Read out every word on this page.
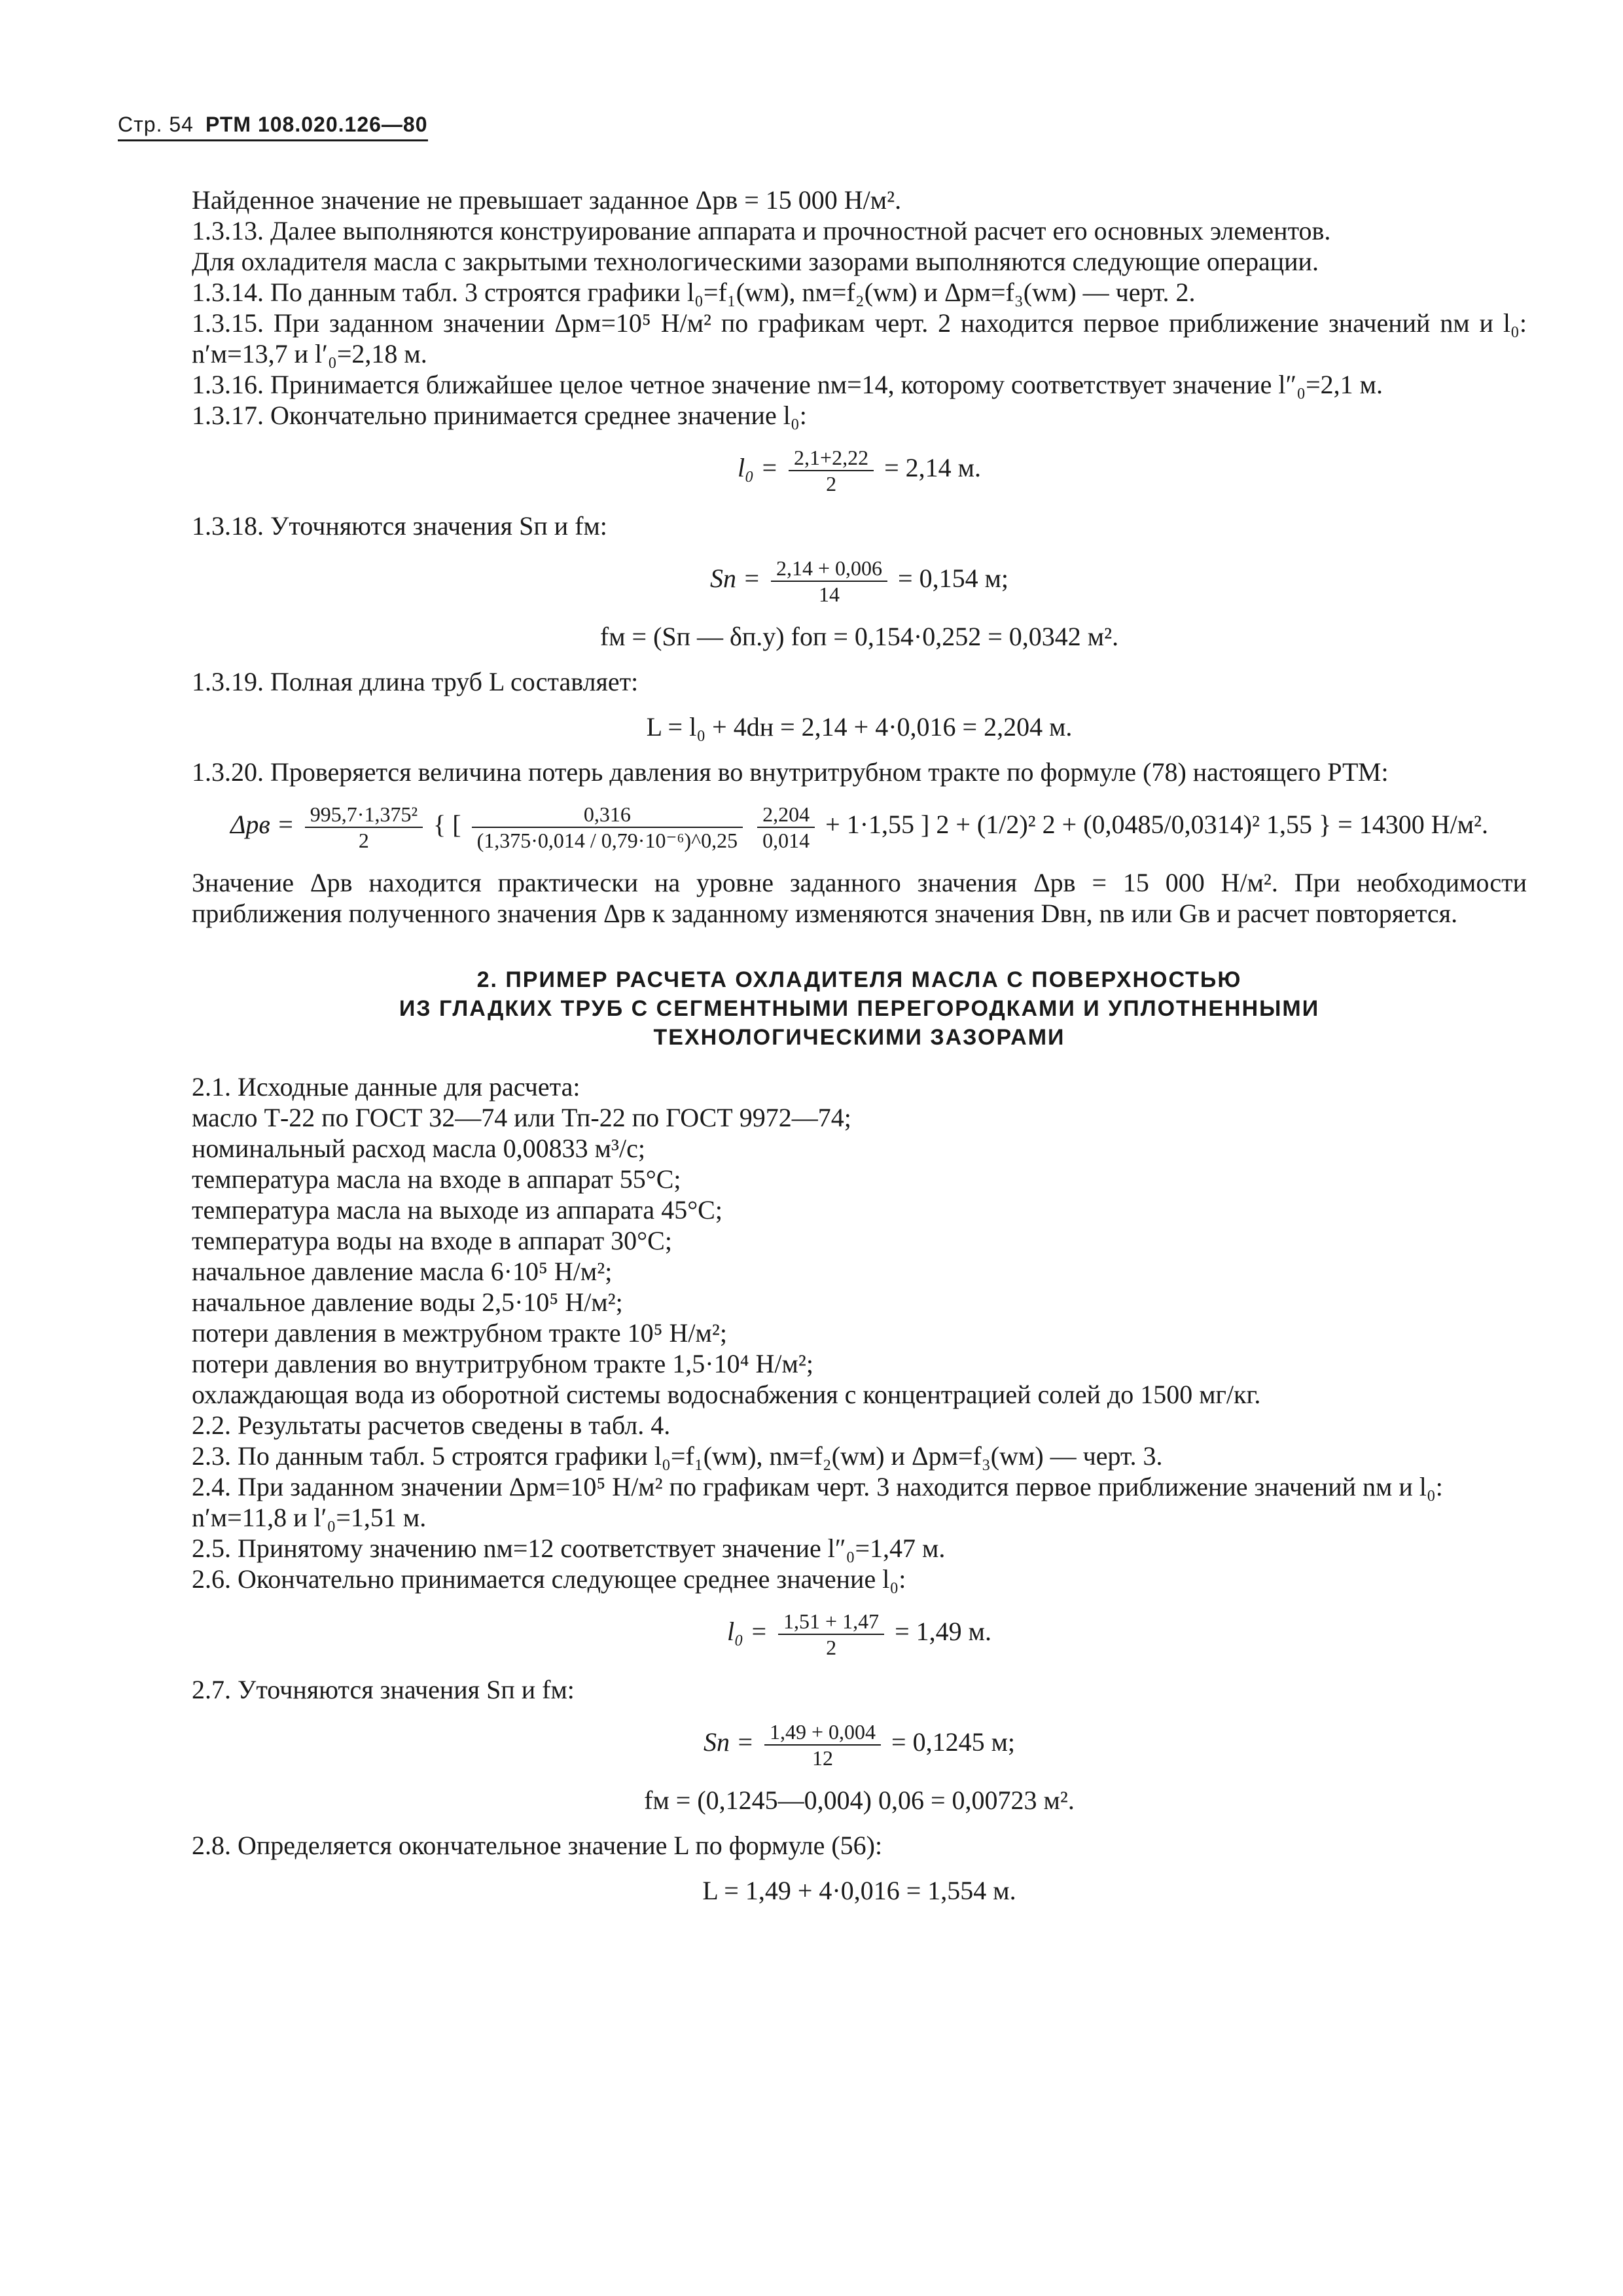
Стр. 54 РТМ 108.020.126—80

Найденное значение не превышает заданное Δpв = 15 000 Н/м².

1.3.13. Далее выполняются конструирование аппарата и прочностной расчет его основных элементов.

Для охладителя масла с закрытыми технологическими зазорами выполняются следующие операции.

1.3.14. По данным табл. 3 строятся графики l₀=f₁(wм), nм=f₂(wм) и Δpм=f₃(wм) — черт. 2.

1.3.15. При заданном значении Δpм=10⁵ Н/м² по графикам черт. 2 находится первое приближение значений nм и l₀: n′м=13,7 и l′₀=2,18 м.

1.3.16. Принимается ближайшее целое четное значение nм=14, которому соответствует значение l″₀=2,1 м.

1.3.17. Окончательно принимается среднее значение l₀:

$l_0 = \frac{2,1+2,22}{2} = 2,14$ м.

1.3.18. Уточняются значения Sп и fм:

Sп = $\frac{2,14 + 0,006}{14} = 0,154$ м;
fм = (Sп — δп.у) fоп = 0,154·0,252 = 0,0342 м².

1.3.19. Полная длина труб L составляет:

L = l₀ + 4dн = 2,14 + 4·0,016 = 2,204 м.

1.3.20. Проверяется величина потерь давления во внутритрубном тракте по формуле (78) настоящего РТМ:

$\Delta pв = \frac{\text{995,7·1,375²}}{2}$ { [ $\frac{0,316}{\text{(1,375·0,014 / 0,79·10⁻⁶)\textasciicircum{}0,25}}$
$\frac{2,204}{0,014} + 1\cdot 1,55$ ] 2 + (1/2)² 2 + (0,0485/0,0314)² 1,55 } = 14300 Н/м².

Значение Δpв находится практически на уровне заданного значения Δpв = 15 000 Н/м². При необходимости приближения полученного значения Δpв к заданному изменяются значения Dвн, nв или Gв и расчет повторяется.

2. ПРИМЕР РАСЧЕТА ОХЛАДИТЕЛЯ МАСЛА С ПОВЕРХНОСТЬЮ
ИЗ ГЛАДКИХ ТРУБ С СЕГМЕНТНЫМИ ПЕРЕГОРОДКАМИ И УПЛОТНЕННЫМИ
ТЕХНОЛОГИЧЕСКИМИ ЗАЗОРАМИ

2.1. Исходные данные для расчета:

масло Т-22 по ГОСТ 32—74 или Тп-22 по ГОСТ 9972—74;

номинальный расход масла 0,00833 м³/с;

температура масла на входе в аппарат 55°С;

температура масла на выходе из аппарата 45°С;

температура воды на входе в аппарат 30°С;

начальное давление масла 6·10⁵ Н/м²;

начальное давление воды 2,5·10⁵ Н/м²;

потери давления в межтрубном тракте 10⁵ Н/м²;

потери давления во внутритрубном тракте 1,5·10⁴ Н/м²;

охлаждающая вода из оборотной системы водоснабжения с концентрацией солей до 1500 мг/кг.

2.2. Результаты расчетов сведены в табл. 4.

2.3. По данным табл. 5 строятся графики l₀=f₁(wм), nм=f₂(wм) и Δpм=f₃(wм) — черт. 3.

2.4. При заданном значении Δpм=10⁵ Н/м² по графикам черт. 3 находится первое приближение значений nм и l₀: n′м=11,8 и l′₀=1,51 м.

2.5. Принятому значению nм=12 соответствует значение l″₀=1,47 м.

2.6. Окончательно принимается следующее среднее значение l₀:

$l_0 = \frac{1,51 + 1,47}{2} = 1,49$ м.

2.7. Уточняются значения Sп и fм:

Sп = $\frac{1,49 + 0,004}{12} = 0,1245$ м;
fм = (0,1245—0,004) 0,06 = 0,00723 м².

2.8. Определяется окончательное значение L по формуле (56):

L = 1,49 + 4·0,016 = 1,554 м.
